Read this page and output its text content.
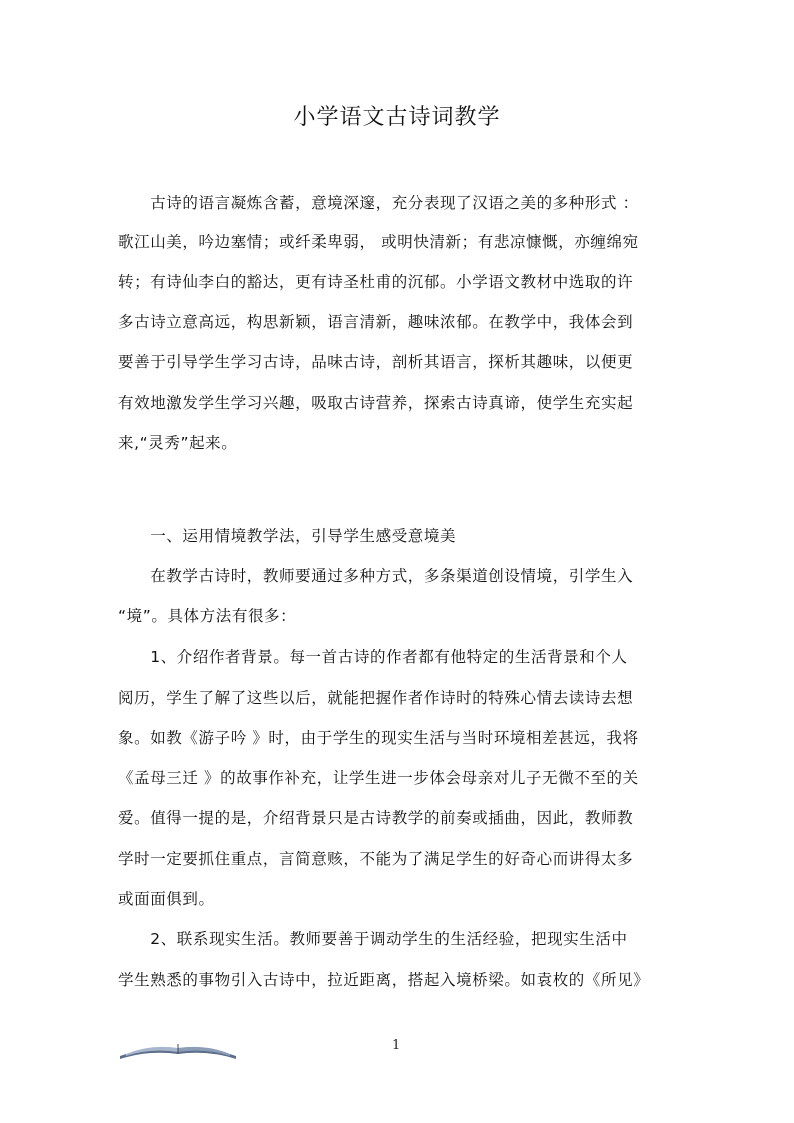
小学语文古诗词教学
　　古诗的语言凝炼含蓄，意境深邃，充分表现了汉语之美的多种形式 ：
歌江山美，吟边塞情；或纤柔卑弱， 或明快清新；有悲凉慷慨，亦缠绵宛
转；有诗仙李白的豁达，更有诗圣杜甫的沉郁。小学语文教材中选取的许
多古诗立意高远，构思新颖，语言清新，趣味浓郁。在教学中，我体会到
要善于引导学生学习古诗，品味古诗，剖析其语言，探析其趣味，以便更
有效地激发学生学习兴趣，吸取古诗营养，探索古诗真谛，使学生充实起
来,“灵秀”起来。
　　一、运用情境教学法，引导学生感受意境美
　　在教学古诗时，教师要通过多种方式，多条渠道创设情境，引学生入
“境”。具体方法有很多：
　　1、介绍作者背景。每一首古诗的作者都有他特定的生活背景和个人
阅历，学生了解了这些以后，就能把握作者作诗时的特殊心情去读诗去想
象。如教《游子吟 》时，由于学生的现实生活与当时环境相差甚远，我将
《孟母三迁 》的故事作补充，让学生进一步体会母亲对儿子无微不至的关
爱。值得一提的是，介绍背景只是古诗教学的前奏或插曲，因此，教师教
学时一定要抓住重点，言简意赅，不能为了满足学生的好奇心而讲得太多
或面面俱到。
　　2、联系现实生活。教师要善于调动学生的生活经验，把现实生活中
学生熟悉的事物引入古诗中，拉近距离，搭起入境桥梁。如袁枚的《所见》
1
